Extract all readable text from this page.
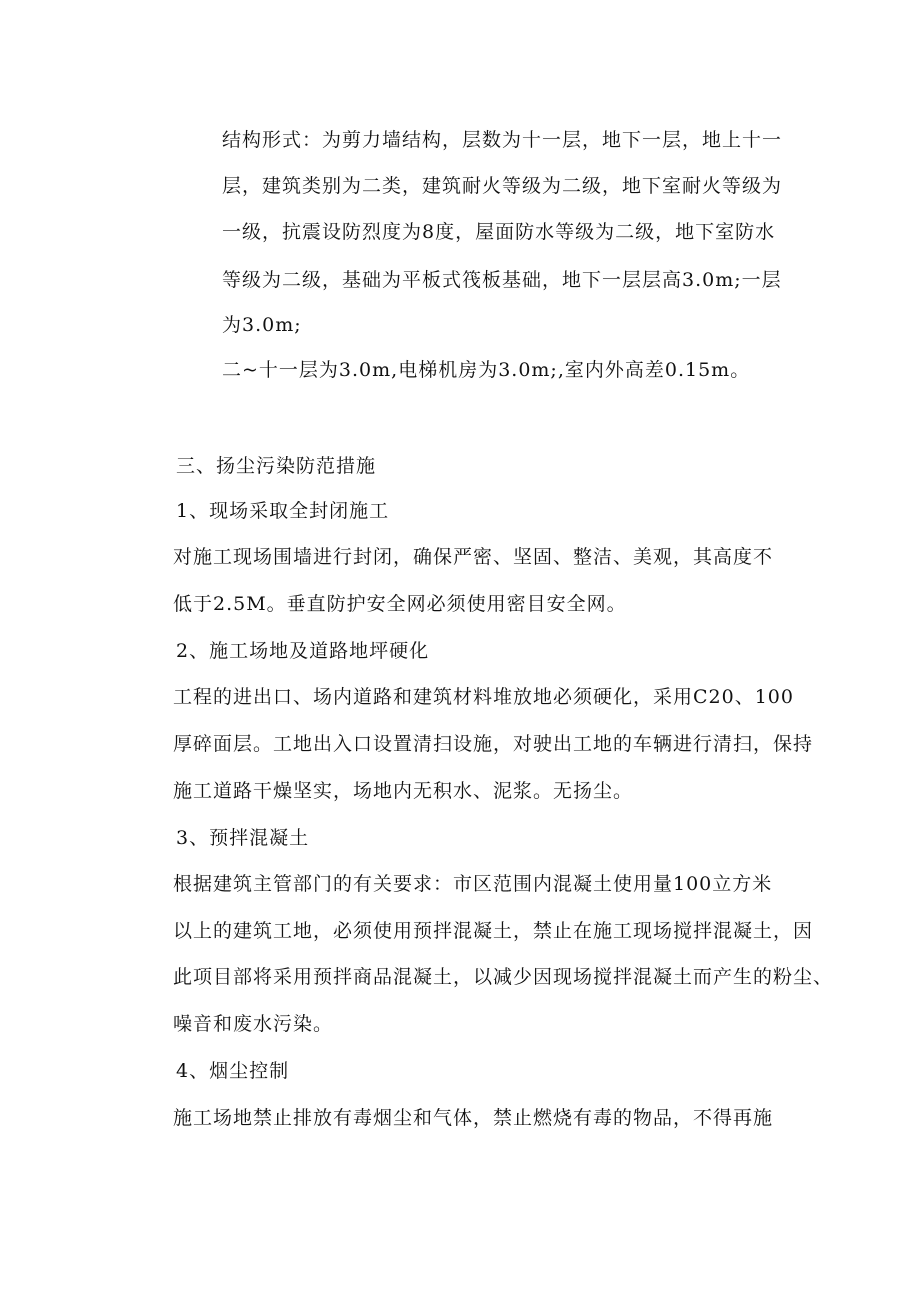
结构形式：为剪力墙结构，层数为十一层，地下一层，地上十一
层，建筑类别为二类，建筑耐火等级为二级，地下室耐火等级为
一级，抗震设防烈度为8度，屋面防水等级为二级，地下室防水
等级为二级，基础为平板式筏板基础，地下一层层高3.0m;一层
为3.0m;
二~十一层为3.0m,电梯机房为3.0m;,室内外高差0.15m。
三、扬尘污染防范措施
1、现场采取全封闭施工
对施工现场围墙进行封闭，确保严密、坚固、整洁、美观，其高度不
低于2.5M。垂直防护安全网必须使用密目安全网。
2、施工场地及道路地坪硬化
工程的进出口、场内道路和建筑材料堆放地必须硬化，采用C20、100
厚碎面层。工地出入口设置清扫设施，对驶出工地的车辆进行清扫，保持
施工道路干燥坚实，场地内无积水、泥浆。无扬尘。
3、预拌混凝土
根据建筑主管部门的有关要求：市区范围内混凝土使用量100立方米
以上的建筑工地，必须使用预拌混凝土，禁止在施工现场搅拌混凝土，因
此项目部将采用预拌商品混凝土，以减少因现场搅拌混凝土而产生的粉尘、
噪音和废水污染。
4、烟尘控制
施工场地禁止排放有毒烟尘和气体，禁止燃烧有毒的物品，不得再施
